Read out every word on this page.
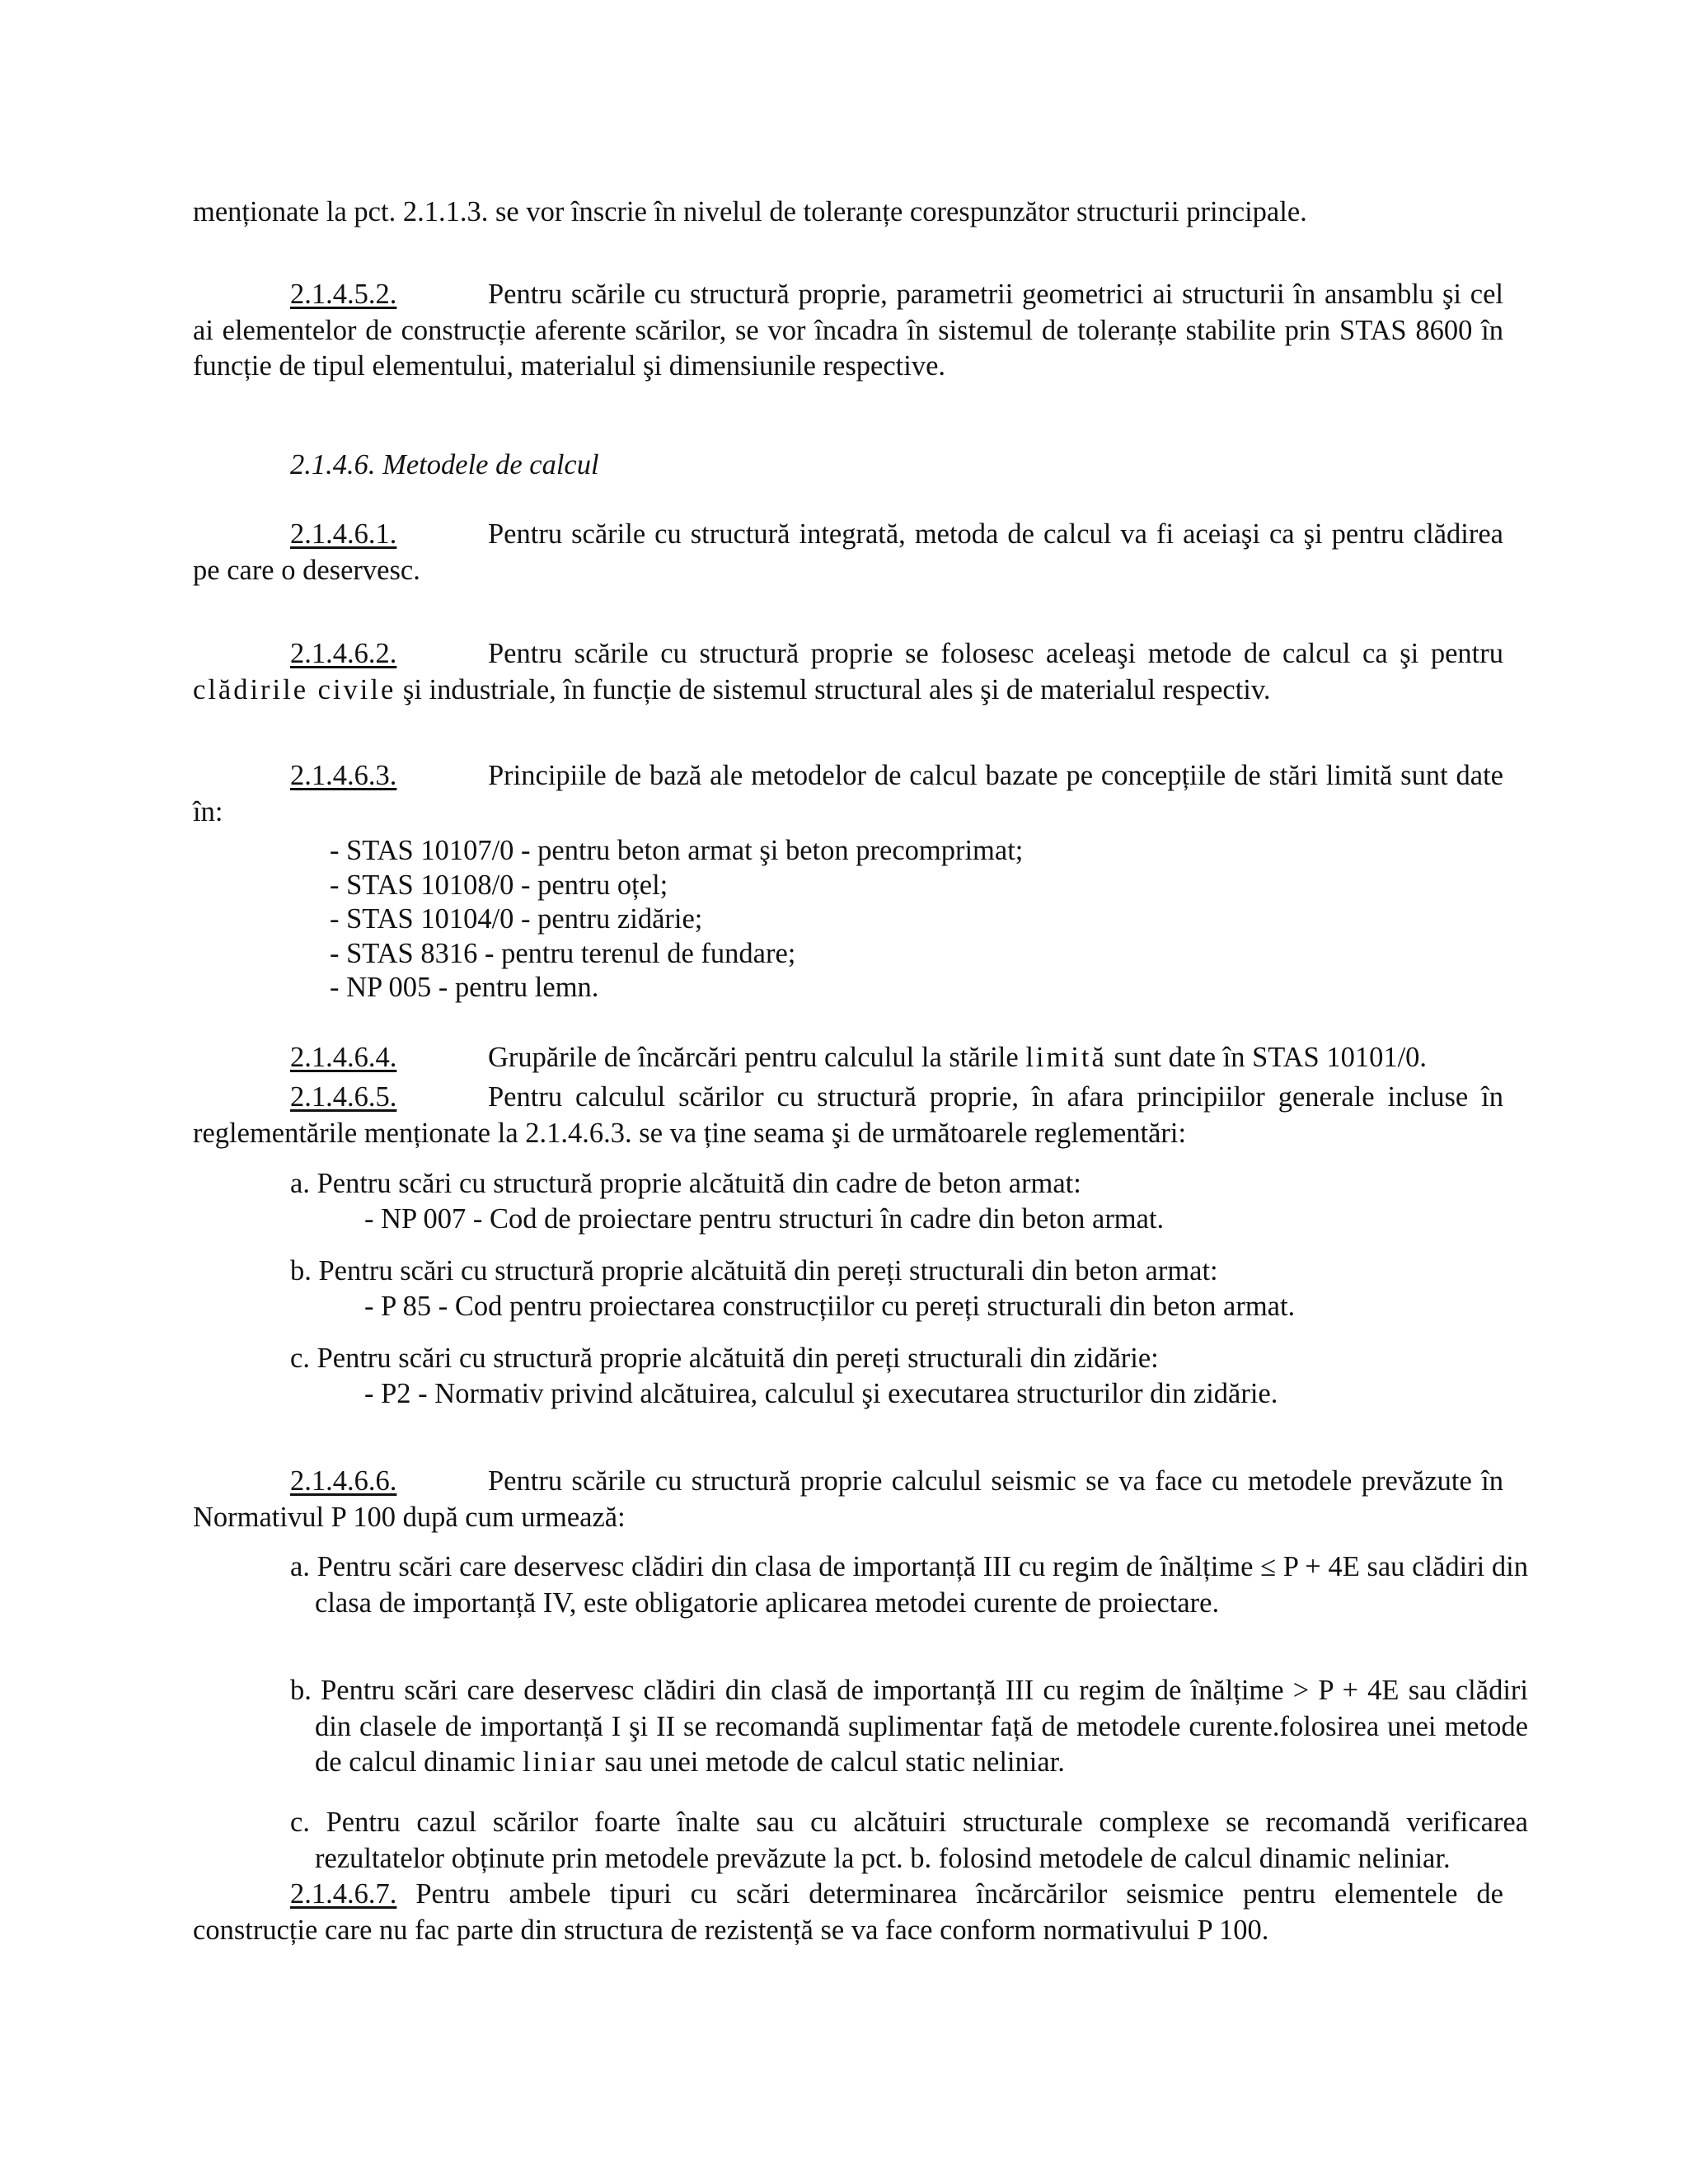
menționate la pct. 2.1.1.3. se vor înscrie în nivelul de toleranțe corespunzător structurii principale.

2.1.4.5.2.	Pentru scările cu structură proprie, parametrii geometrici ai structurii în ansamblu şi cel ai elementelor de construcție aferente scărilor, se vor încadra în sistemul de toleranțe stabilite prin STAS 8600 în funcție de tipul elementului, materialul şi dimensiunile respective.

2.1.4.6. Metodele de calcul

2.1.4.6.1.	Pentru scările cu structură integrată, metoda de calcul va fi aceiaşi ca şi pentru clădirea pe care o deservesc.

2.1.4.6.2.	Pentru scările cu structură proprie se folosesc aceleaşi metode de calcul ca şi pentru clădirile civile şi industriale, în funcție de sistemul structural ales şi de materialul respectiv.

2.1.4.6.3.	Principiile de bază ale metodelor de calcul bazate pe concepțiile de stări limită sunt date în:

- STAS 10107/0 - pentru beton armat şi beton precomprimat;
- STAS 10108/0 - pentru oțel;
- STAS 10104/0 - pentru zidărie;
- STAS 8316 - pentru terenul de fundare;
- NP 005 - pentru lemn.

2.1.4.6.4.	Grupările de încărcări pentru calculul la stările limită sunt date în STAS 10101/0.

2.1.4.6.5.	Pentru calculul scărilor cu structură proprie, în afara principiilor generale incluse în reglementările menționate la 2.1.4.6.3. se va ține seama şi de următoarele reglementări:

a. Pentru scări cu structură proprie alcătuită din cadre de beton armat:

- NP 007 - Cod de proiectare pentru structuri în cadre din beton armat.

b. Pentru scări cu structură proprie alcătuită din pereți structurali din beton armat:

- P 85 - Cod pentru proiectarea construcțiilor cu pereți structurali din beton armat.

c. Pentru scări cu structură proprie alcătuită din pereți structurali din zidărie:

- P2 - Normativ privind alcătuirea, calculul şi executarea structurilor din zidărie.

2.1.4.6.6.	Pentru scările cu structură proprie calculul seismic se va face cu metodele prevăzute în Normativul P 100 după cum urmează:

a. Pentru scări care deservesc clădiri din clasa de importanță III cu regim de înălțime ≤ P + 4E sau clădiri din clasa de importanță IV, este obligatorie aplicarea metodei curente de proiectare.

b. Pentru scări care deservesc clădiri din clasă de importanță III cu regim de înălțime > P + 4E sau clădiri din clasele de importanță I şi II se recomandă suplimentar față de metodele curente.folosirea unei metode de calcul dinamic liniar sau unei metode de calcul static neliniar.

c. Pentru cazul scărilor foarte înalte sau cu alcătuiri structurale complexe se recomandă verificarea rezultatelor obținute prin metodele prevăzute la pct. b. folosind metodele de calcul dinamic neliniar.

2.1.4.6.7. Pentru ambele tipuri cu scări determinarea încărcărilor seismice pentru elementele de construcție care nu fac parte din structura de rezistență se va face conform normativului P 100.
